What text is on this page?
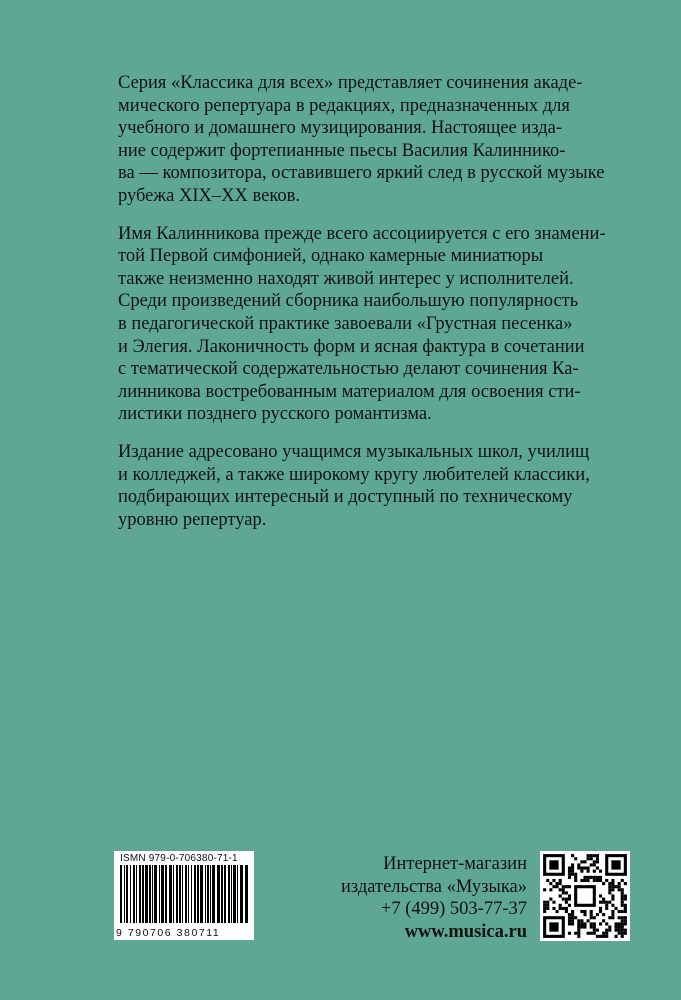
Серия «Классика для всех» представляет сочинения акаде-
мического репертуара в редакциях, предназначенных для
учебного и домашнего музицирования. Настоящее изда-
ние содержит фортепианные пьесы Василия Калиннико-
ва — композитора, оставившего яркий след в русской музыке
рубежа XIX–XX веков.

Имя Калинникова прежде всего ассоциируется с его знамени-
той Первой симфонией, однако камерные миниатюры
также неизменно находят живой интерес у исполнителей.
Среди произведений сборника наибольшую популярность
в педагогической практике завоевали «Грустная песенка»
и Элегия. Лаконичность форм и ясная фактура в сочетании
с тематической содержательностью делают сочинения Ка-
линникова востребованным материалом для освоения сти-
листики позднего русского романтизма.

Издание адресовано учащимся музыкальных школ, училищ
и колледжей, а также широкому кругу любителей классики,
подбирающих интересный и доступный по техническому
уровню репертуар.

ISMN 979-0-706380-71-1
9 790706 380711
Интернет-магазин
издательства «Музыка»
+7 (499) 503-77-37
www.musica.ru
